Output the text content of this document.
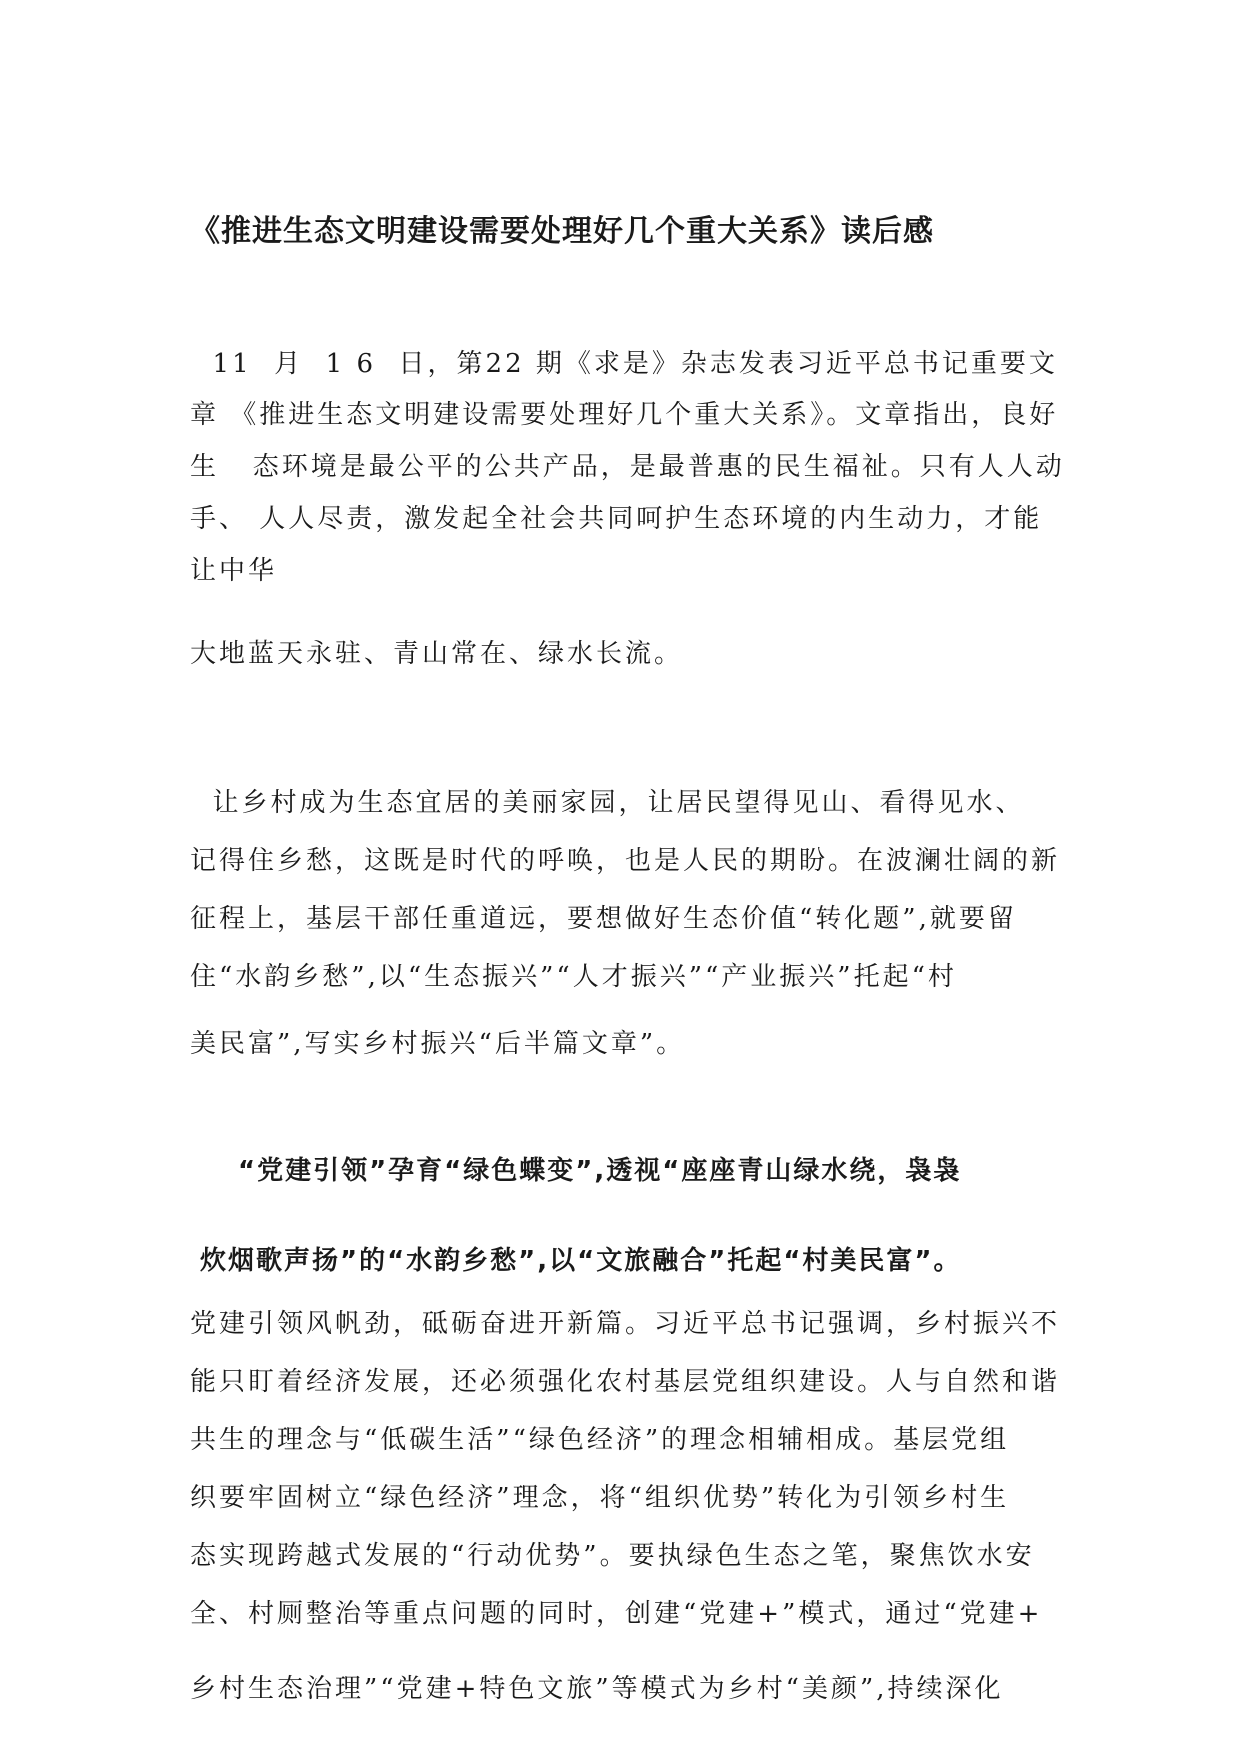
《推进生态文明建设需要处理好几个重大关系》读后感
11  月  1 6  日，第22 期《求是》杂志发表习近平总书记重要文
章 《推进生态文明建设需要处理好几个重大关系》。文章指出，良好
生   态环境是最公平的公共产品，是最普惠的民生福祉。只有人人动
手、 人人尽责，激发起全社会共同呵护生态环境的内生动力，才能
让中华
大地蓝天永驻、青山常在、绿水长流。
让乡村成为生态宜居的美丽家园，让居民望得见山、看得见水、
记得住乡愁，这既是时代的呼唤，也是人民的期盼。在波澜壮阔的新
征程上，基层干部任重道远，要想做好生态价值“转化题”,就要留
住“水韵乡愁”,以“生态振兴”“人才振兴”“产业振兴”托起“村
美民富”,写实乡村振兴“后半篇文章”。
“党建引领”孕育“绿色蝶变”,透视“座座青山绿水绕，袅袅
炊烟歌声扬”的“水韵乡愁”,以“文旅融合”托起“村美民富”。
党建引领风帆劲，砥砺奋进开新篇。习近平总书记强调，乡村振兴不
能只盯着经济发展，还必须强化农村基层党组织建设。人与自然和谐
共生的理念与“低碳生活”“绿色经济”的理念相辅相成。基层党组
织要牢固树立“绿色经济”理念，将“组织优势”转化为引领乡村生
态实现跨越式发展的“行动优势”。要执绿色生态之笔，聚焦饮水安
全、村厕整治等重点问题的同时，创建“党建+”模式，通过“党建+
乡村生态治理”“党建+特色文旅”等模式为乡村“美颜”,持续深化
